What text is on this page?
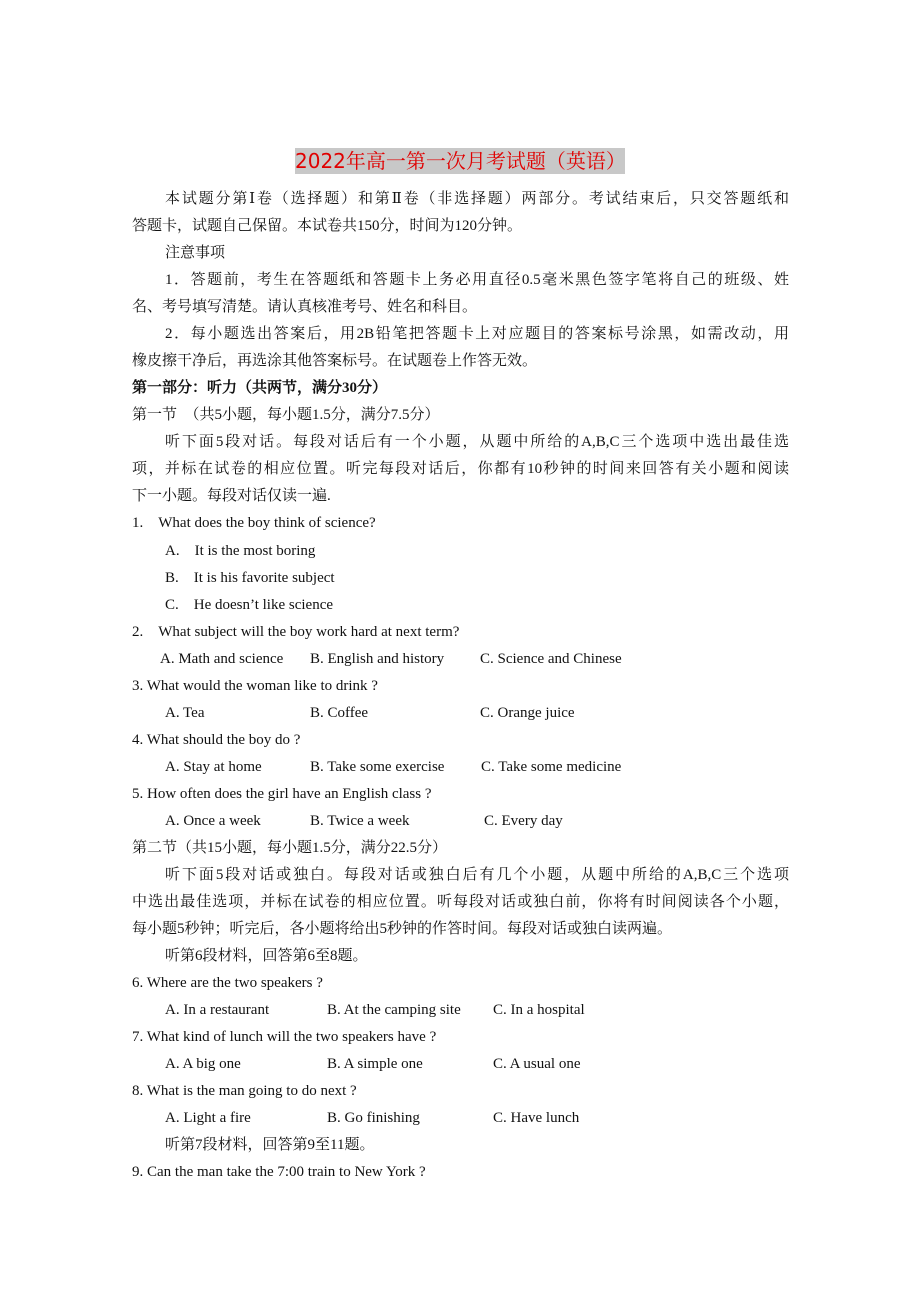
2022年高一第一次月考试题（英语）
本试题分第Ⅰ卷（选择题）和第Ⅱ卷（非选择题）两部分。考试结束后，只交答题纸和
答题卡，试题自己保留。本试卷共150分，时间为120分钟。
注意事项
1．答题前，考生在答题纸和答题卡上务必用直径0.5毫米黑色签字笔将自己的班级、姓
名、考号填写清楚。请认真核准考号、姓名和科目。
2．每小题选出答案后，用2B铅笔把答题卡上对应题目的答案标号涂黑，如需改动，用
橡皮擦干净后，再选涂其他答案标号。在试题卷上作答无效。
第一部分：听力（共两节，满分30分）
第一节　（共5小题，每小题1.5分，满分7.5分）
听下面5段对话。每段对话后有一个小题，从题中所给的A,B,C三个选项中选出最佳选
项，并标在试卷的相应位置。听完每段对话后，你都有10秒钟的时间来回答有关小题和阅读
下一小题。每段对话仅读一遍.
1.　What does the boy think of science?
A.　It is the most boring
B.　It is his favorite subject
C.　He doesn’t like science
2.　What subject will the boy work hard at next term?
A. Math and science B. English and history C. Science and Chinese
3. What would the woman like to drink ?
A. Tea	B. Coffee	C. Orange juice
4. What should the boy do ?
A. Stay at home	B. Take some exercise C. Take some medicine
5. How often does the girl have an English class ?
A. Once a week	B. Twice a week	C. Every day
第二节（共15小题，每小题1.5分，满分22.5分）
听下面5段对话或独白。每段对话或独白后有几个小题，从题中所给的A,B,C三个选项
中选出最佳选项，并标在试卷的相应位置。听每段对话或独白前，你将有时间阅读各个小题，
每小题5秒钟；听完后，各小题将给出5秒钟的作答时间。每段对话或独白读两遍。
听第6段材料，回答第6至8题。
6. Where are the two speakers ?
A. In a restaurant	B. At the camping site C. In a hospital
7. What kind of lunch will the two speakers have ?
A. A big one	B. A simple one	C. A usual one
8. What is the man going to do next ?
A. Light a fire	B. Go finishing	C. Have lunch
听第7段材料，回答第9至11题。
9. Can the man take the 7:00 train to New York ?
